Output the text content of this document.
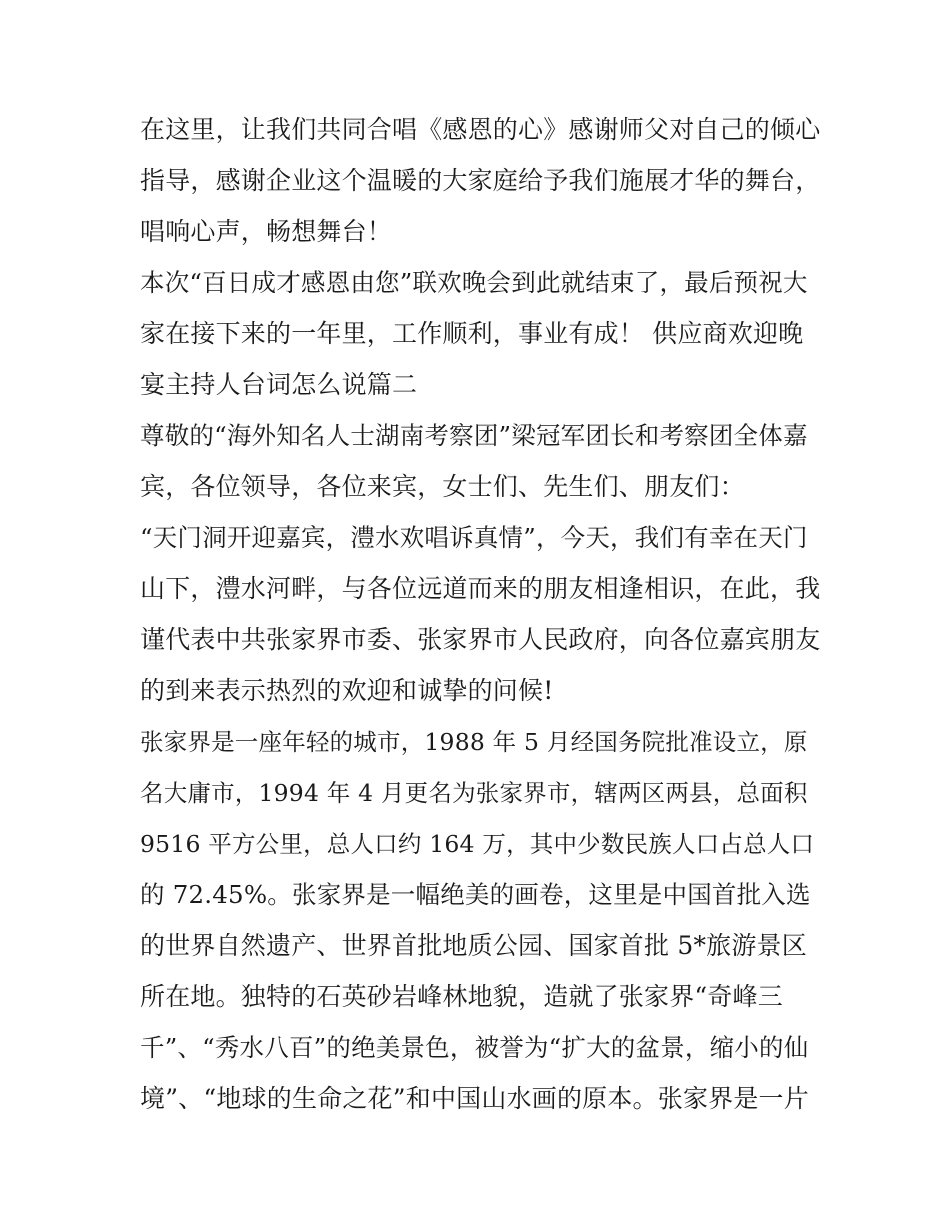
在这里，让我们共同合唱《感恩的心》感谢师父对自己的倾心
指导，感谢企业这个温暖的大家庭给予我们施展才华的舞台，
唱响心声，畅想舞台！
本次“百日成才感恩由您”联欢晚会到此就结束了，最后预祝大
家在接下来的一年里，工作顺利，事业有成！ 供应商欢迎晚
宴主持人台词怎么说篇二
尊敬的“海外知名人士湖南考察团”梁冠军团长和考察团全体嘉
宾，各位领导，各位来宾，女士们、先生们、朋友们：
“天门洞开迎嘉宾，澧水欢唱诉真情”，今天，我们有幸在天门
山下，澧水河畔，与各位远道而来的朋友相逢相识，在此，我
谨代表中共张家界市委、张家界市人民政府，向各位嘉宾朋友
的到来表示热烈的欢迎和诚挚的问候!
张家界是一座年轻的城市，1988 年 5 月经国务院批准设立，原
名大庸市，1994 年 4 月更名为张家界市，辖两区两县，总面积
9516 平方公里，总人口约 164 万，其中少数民族人口占总人口
的 72.45%。张家界是一幅绝美的画卷，这里是中国首批入选
的世界自然遗产、世界首批地质公园、国家首批 5*旅游景区
所在地。独特的石英砂岩峰林地貌，造就了张家界“奇峰三
千”、“秀水八百”的绝美景色，被誉为“扩大的盆景，缩小的仙
境”、“地球的生命之花”和中国山水画的原本。张家界是一片
